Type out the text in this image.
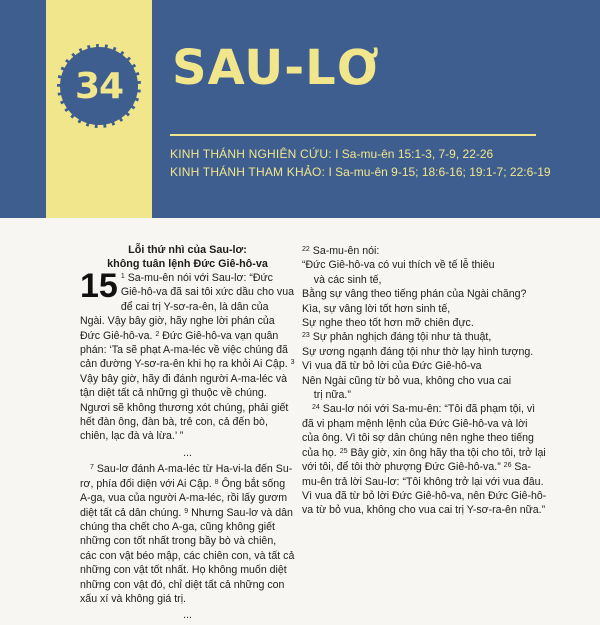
34 SAU-LƠ
KINH THÁNH NGHIÊN CỨU: I Sa-mu-ên 15:1-3, 7-9, 22-26
KINH THÁNH THAM KHẢO: I Sa-mu-ên 9-15; 18:6-16; 19:1-7; 22:6-19
Lỗi thứ nhì của Sau-lơ:
không tuân lệnh Đức Giê-hô-va

15 $^1$ Sa-mu-ên nói với Sau-lơ: “Đức Giê-hô-va đã sai tôi xức dầu cho vua để cai trị Y-sơ-ra-ên, là dân của Ngài. Vậy bây giờ, hãy nghe lời phán của Đức Giê-hô-va. $^2$ Đức Giê-hô-va vạn quân phán: ‘Ta sẽ phạt A-ma-léc về việc chúng đã cản đường Y-sơ-ra-ên khi họ ra khỏi Ai Cập. $^3$ Vậy bây giờ, hãy đi đánh người A-ma-léc và tận diệt tất cả những gì thuộc về chúng. Ngươi sẽ không thương xót chúng, phải giết hết đàn ông, đàn bà, trẻ con, cả đến bò, chiên, lạc đà và lừa.’ ”

...

$^7$ Sau-lơ đánh A-ma-léc từ Ha-vi-la đến Su-rơ, phía đối diện với Ai Cập. $^8$ Ông bắt sống A-ga, vua của người A-ma-léc, rồi lấy gươm diệt tất cả dân chúng. $^9$ Nhưng Sau-lơ và dân chúng tha chết cho A-ga, cũng không giết những con tốt nhất trong bầy bò và chiên, các con vật béo mập, các chiên con, và tất cả những con vật tốt nhất. Họ không muốn diệt những con vật đó, chỉ diệt tất cả những con xấu xí và không giá trị.

...

$^{22}$ Sa-mu-ên nói:

“Đức Giê-hô-va có vui thích về tế lễ thiêu
và các sinh tế,
Bằng sự vâng theo tiếng phán của Ngài chăng?
Kìa, sự vâng lời tốt hơn sinh tế,
Sự nghe theo tốt hơn mỡ chiên đực.
$^{23}$ Sự phản nghịch đáng tội như tà thuật,
Sự ương ngạnh đáng tội như thờ lạy hình tượng.
Vì vua đã từ bỏ lời của Đức Giê-hô-va
Nên Ngài cũng từ bỏ vua, không cho vua cai
trị nữa.”

$^{24}$ Sau-lơ nói với Sa-mu-ên: “Tôi đã phạm tội, vì đã vi phạm mệnh lệnh của Đức Giê-hô-va và lời của ông. Vì tôi sợ dân chúng nên nghe theo tiếng của họ. $^{25}$ Bây giờ, xin ông hãy tha tội cho tôi, trở lại với tôi, để tôi thờ phượng Đức Giê-hô-va.” $^{26}$ Sa-mu-ên trả lời Sau-lơ: “Tôi không trở lại với vua đâu. Vì vua đã từ bỏ lời Đức Giê-hô-va, nên Đức Giê-hô-va từ bỏ vua, không cho vua cai trị Y-sơ-ra-ên nữa.”
